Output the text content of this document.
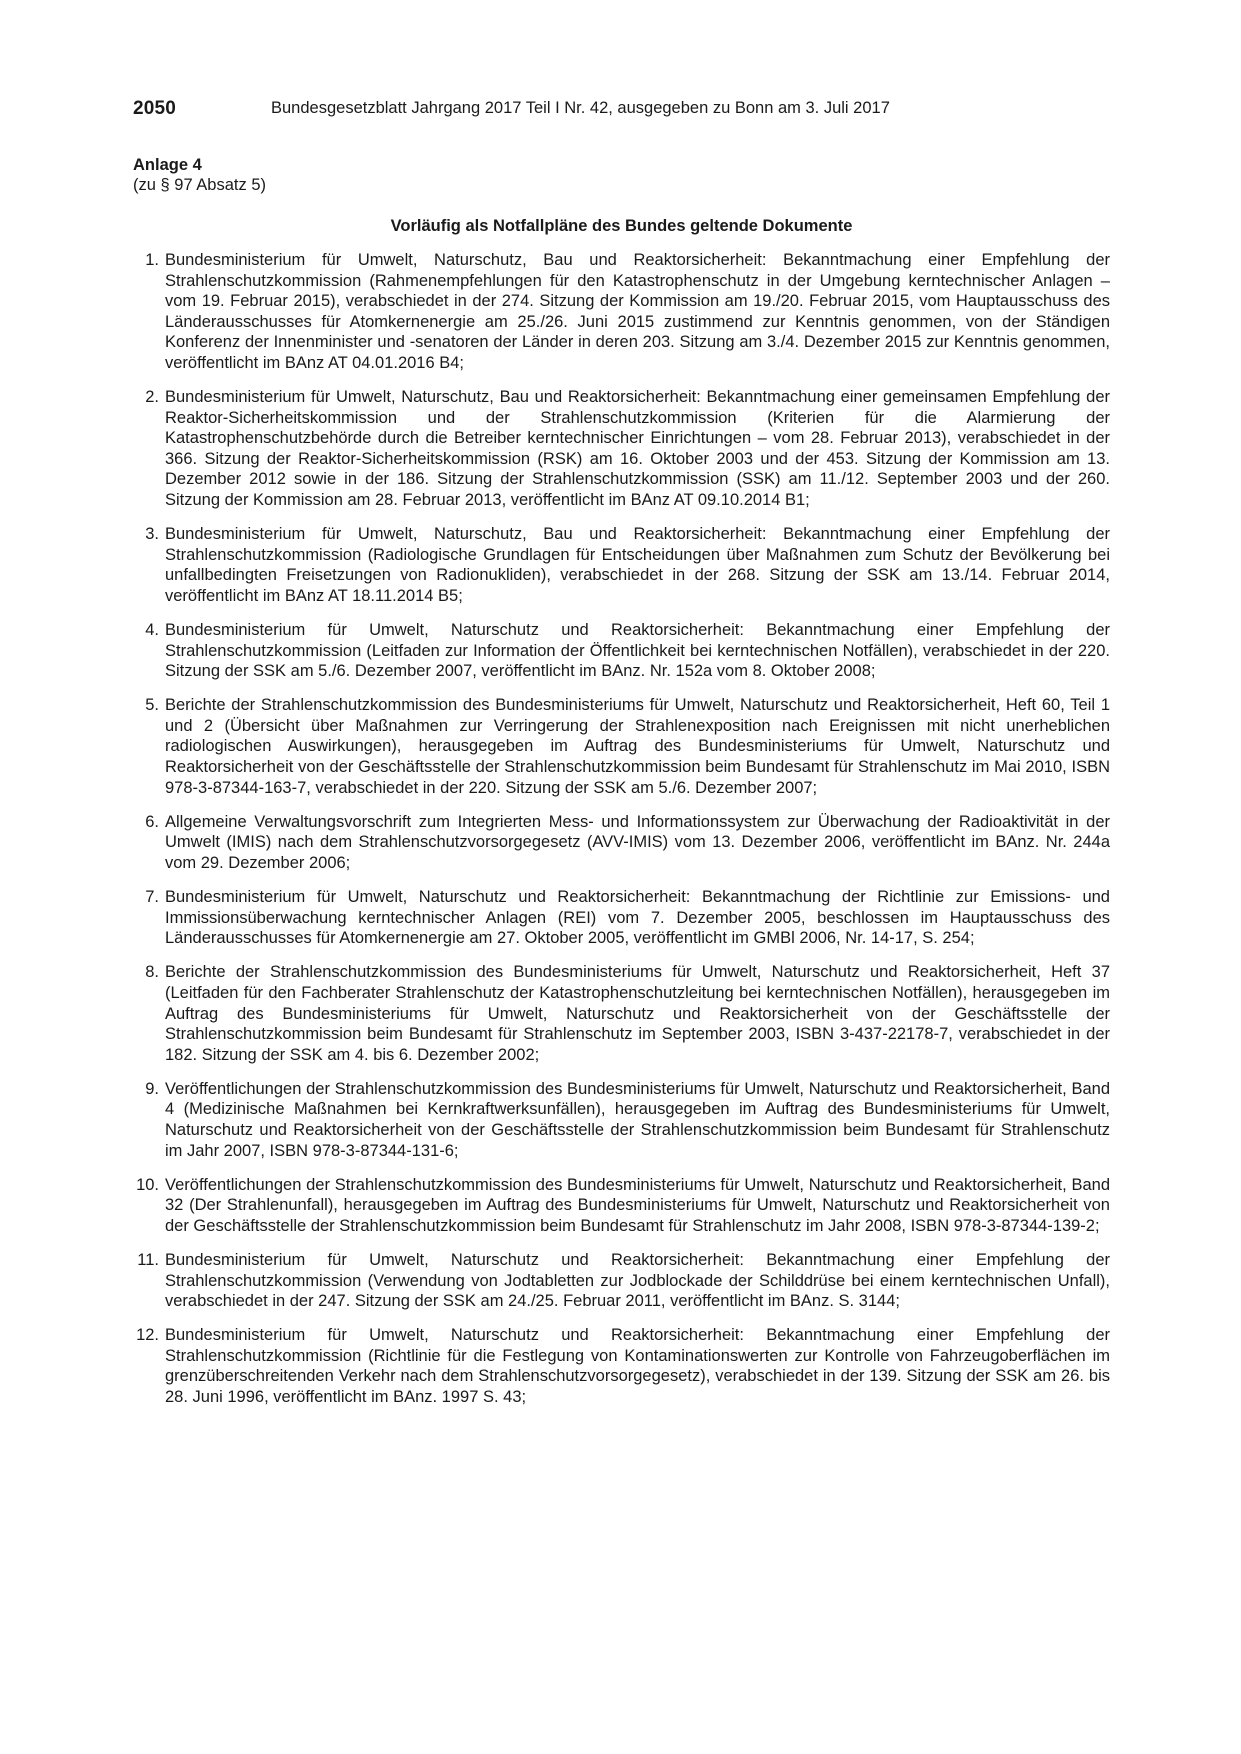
2050	Bundesgesetzblatt Jahrgang 2017 Teil I Nr. 42, ausgegeben zu Bonn am 3. Juli 2017
Anlage 4
(zu § 97 Absatz 5)
Vorläufig als Notfallpläne des Bundes geltende Dokumente
1. Bundesministerium für Umwelt, Naturschutz, Bau und Reaktorsicherheit: Bekanntmachung einer Empfehlung der Strahlenschutzkommission (Rahmenempfehlungen für den Katastrophenschutz in der Umgebung kerntechnischer Anlagen – vom 19. Februar 2015), verabschiedet in der 274. Sitzung der Kommission am 19./20. Februar 2015, vom Hauptausschuss des Länderausschusses für Atomkernenergie am 25./26. Juni 2015 zustimmend zur Kenntnis genommen, von der Ständigen Konferenz der Innenminister und -senatoren der Länder in deren 203. Sitzung am 3./4. Dezember 2015 zur Kenntnis genommen, veröffentlicht im BAnz AT 04.01.2016 B4;
2. Bundesministerium für Umwelt, Naturschutz, Bau und Reaktorsicherheit: Bekanntmachung einer gemeinsamen Empfehlung der Reaktor-Sicherheitskommission und der Strahlenschutzkommission (Kriterien für die Alarmierung der Katastrophenschutzbehörde durch die Betreiber kerntechnischer Einrichtungen – vom 28. Februar 2013), verabschiedet in der 366. Sitzung der Reaktor-Sicherheitskommission (RSK) am 16. Oktober 2003 und der 453. Sitzung der Kommission am 13. Dezember 2012 sowie in der 186. Sitzung der Strahlenschutzkommission (SSK) am 11./12. September 2003 und der 260. Sitzung der Kommission am 28. Februar 2013, veröffentlicht im BAnz AT 09.10.2014 B1;
3. Bundesministerium für Umwelt, Naturschutz, Bau und Reaktorsicherheit: Bekanntmachung einer Empfehlung der Strahlenschutzkommission (Radiologische Grundlagen für Entscheidungen über Maßnahmen zum Schutz der Bevölkerung bei unfallbedingten Freisetzungen von Radionukliden), verabschiedet in der 268. Sitzung der SSK am 13./14. Februar 2014, veröffentlicht im BAnz AT 18.11.2014 B5;
4. Bundesministerium für Umwelt, Naturschutz und Reaktorsicherheit: Bekanntmachung einer Empfehlung der Strahlenschutzkommission (Leitfaden zur Information der Öffentlichkeit bei kerntechnischen Notfällen), verabschiedet in der 220. Sitzung der SSK am 5./6. Dezember 2007, veröffentlicht im BAnz. Nr. 152a vom 8. Oktober 2008;
5. Berichte der Strahlenschutzkommission des Bundesministeriums für Umwelt, Naturschutz und Reaktorsicherheit, Heft 60, Teil 1 und 2 (Übersicht über Maßnahmen zur Verringerung der Strahlenexposition nach Ereignissen mit nicht unerheblichen radiologischen Auswirkungen), herausgegeben im Auftrag des Bundesministeriums für Umwelt, Naturschutz und Reaktorsicherheit von der Geschäftsstelle der Strahlenschutzkommission beim Bundesamt für Strahlenschutz im Mai 2010, ISBN 978-3-87344-163-7, verabschiedet in der 220. Sitzung der SSK am 5./6. Dezember 2007;
6. Allgemeine Verwaltungsvorschrift zum Integrierten Mess- und Informationssystem zur Überwachung der Radioaktivität in der Umwelt (IMIS) nach dem Strahlenschutzvorsorgegesetz (AVV-IMIS) vom 13. Dezember 2006, veröffentlicht im BAnz. Nr. 244a vom 29. Dezember 2006;
7. Bundesministerium für Umwelt, Naturschutz und Reaktorsicherheit: Bekanntmachung der Richtlinie zur Emissions- und Immissionsüberwachung kerntechnischer Anlagen (REI) vom 7. Dezember 2005, beschlossen im Hauptausschuss des Länderausschusses für Atomkernenergie am 27. Oktober 2005, veröffentlicht im GMBl 2006, Nr. 14-17, S. 254;
8. Berichte der Strahlenschutzkommission des Bundesministeriums für Umwelt, Naturschutz und Reaktorsicherheit, Heft 37 (Leitfaden für den Fachberater Strahlenschutz der Katastrophenschutzleitung bei kerntechnischen Notfällen), herausgegeben im Auftrag des Bundesministeriums für Umwelt, Naturschutz und Reaktorsicherheit von der Geschäftsstelle der Strahlenschutzkommission beim Bundesamt für Strahlenschutz im September 2003, ISBN 3-437-22178-7, verabschiedet in der 182. Sitzung der SSK am 4. bis 6. Dezember 2002;
9. Veröffentlichungen der Strahlenschutzkommission des Bundesministeriums für Umwelt, Naturschutz und Reaktorsicherheit, Band 4 (Medizinische Maßnahmen bei Kernkraftwerksunfällen), herausgegeben im Auftrag des Bundesministeriums für Umwelt, Naturschutz und Reaktorsicherheit von der Geschäftsstelle der Strahlenschutzkommission beim Bundesamt für Strahlenschutz im Jahr 2007, ISBN 978-3-87344-131-6;
10. Veröffentlichungen der Strahlenschutzkommission des Bundesministeriums für Umwelt, Naturschutz und Reaktorsicherheit, Band 32 (Der Strahlenunfall), herausgegeben im Auftrag des Bundesministeriums für Umwelt, Naturschutz und Reaktorsicherheit von der Geschäftsstelle der Strahlenschutzkommission beim Bundesamt für Strahlenschutz im Jahr 2008, ISBN 978-3-87344-139-2;
11. Bundesministerium für Umwelt, Naturschutz und Reaktorsicherheit: Bekanntmachung einer Empfehlung der Strahlenschutzkommission (Verwendung von Jodtabletten zur Jodblockade der Schilddrüse bei einem kerntechnischen Unfall), verabschiedet in der 247. Sitzung der SSK am 24./25. Februar 2011, veröffentlicht im BAnz. S. 3144;
12. Bundesministerium für Umwelt, Naturschutz und Reaktorsicherheit: Bekanntmachung einer Empfehlung der Strahlenschutzkommission (Richtlinie für die Festlegung von Kontaminationswerten zur Kontrolle von Fahrzeugoberflächen im grenzüberschreitenden Verkehr nach dem Strahlenschutzvorsorgegesetz), verabschiedet in der 139. Sitzung der SSK am 26. bis 28. Juni 1996, veröffentlicht im BAnz. 1997 S. 43;
